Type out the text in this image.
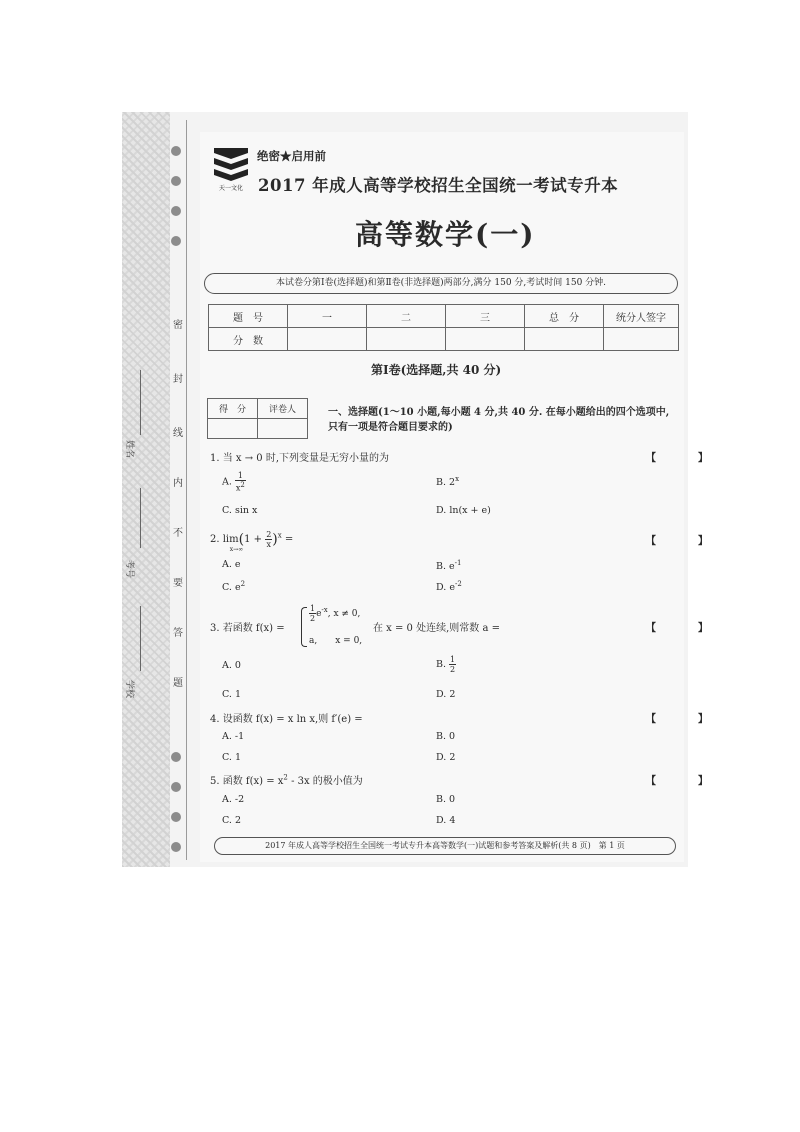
密
封
线
内
不
要
答
题
姓名
考号
学校
天一文化
绝密★启用前
2017 年成人高等学校招生全国统一考试专升本
高等数学(一)
本试卷分第Ⅰ卷(选择题)和第Ⅱ卷(非选择题)两部分,满分 150 分,考试时间 150 分钟.
题　号	一	二	三	总　分	统分人签字
分　数					
第Ⅰ卷(选择题,共 40 分)
得　分	评卷人
		一、选择题(1～10 小题,每小题 4 分,共 40 分. 在每小题给出的四个选项中,只有一项是符合题目要求的)
1. 当 x → 0 时,下列变量是无穷小量的为	【　】
A. $\frac{1}{x2}$	B. 2$^x$
C. sin x	D. ln(x + e)
2. lim
x→∞
$(1 + \frac{2}{x} )^x$ =	【　】
A. e	B. $e^{-1}$
C. $e^2$	D. $e^{-2}$
3. 若函数 f(x) =
$\frac{1}{2} e^{-x}$, x ≠ 0,
a,　　x = 0,
在 x = 0 处连续,则常数 a =	【　】
A. 0	B. $\frac{1}{2}$
C. 1	D. 2
4. 设函数 f(x) = x ln x,则 f′(e) =	【　】
A. -1	B. 0
C. 1	D. 2
5. 函数 $f(x) = x^2 - 3x$ 的极小值为	【　】
A. -2	B. 0
C. 2	D. 4
2017 年成人高等学校招生全国统一考试专升本高等数学(一)试题和参考答案及解析(共 8 页)　第 1 页
